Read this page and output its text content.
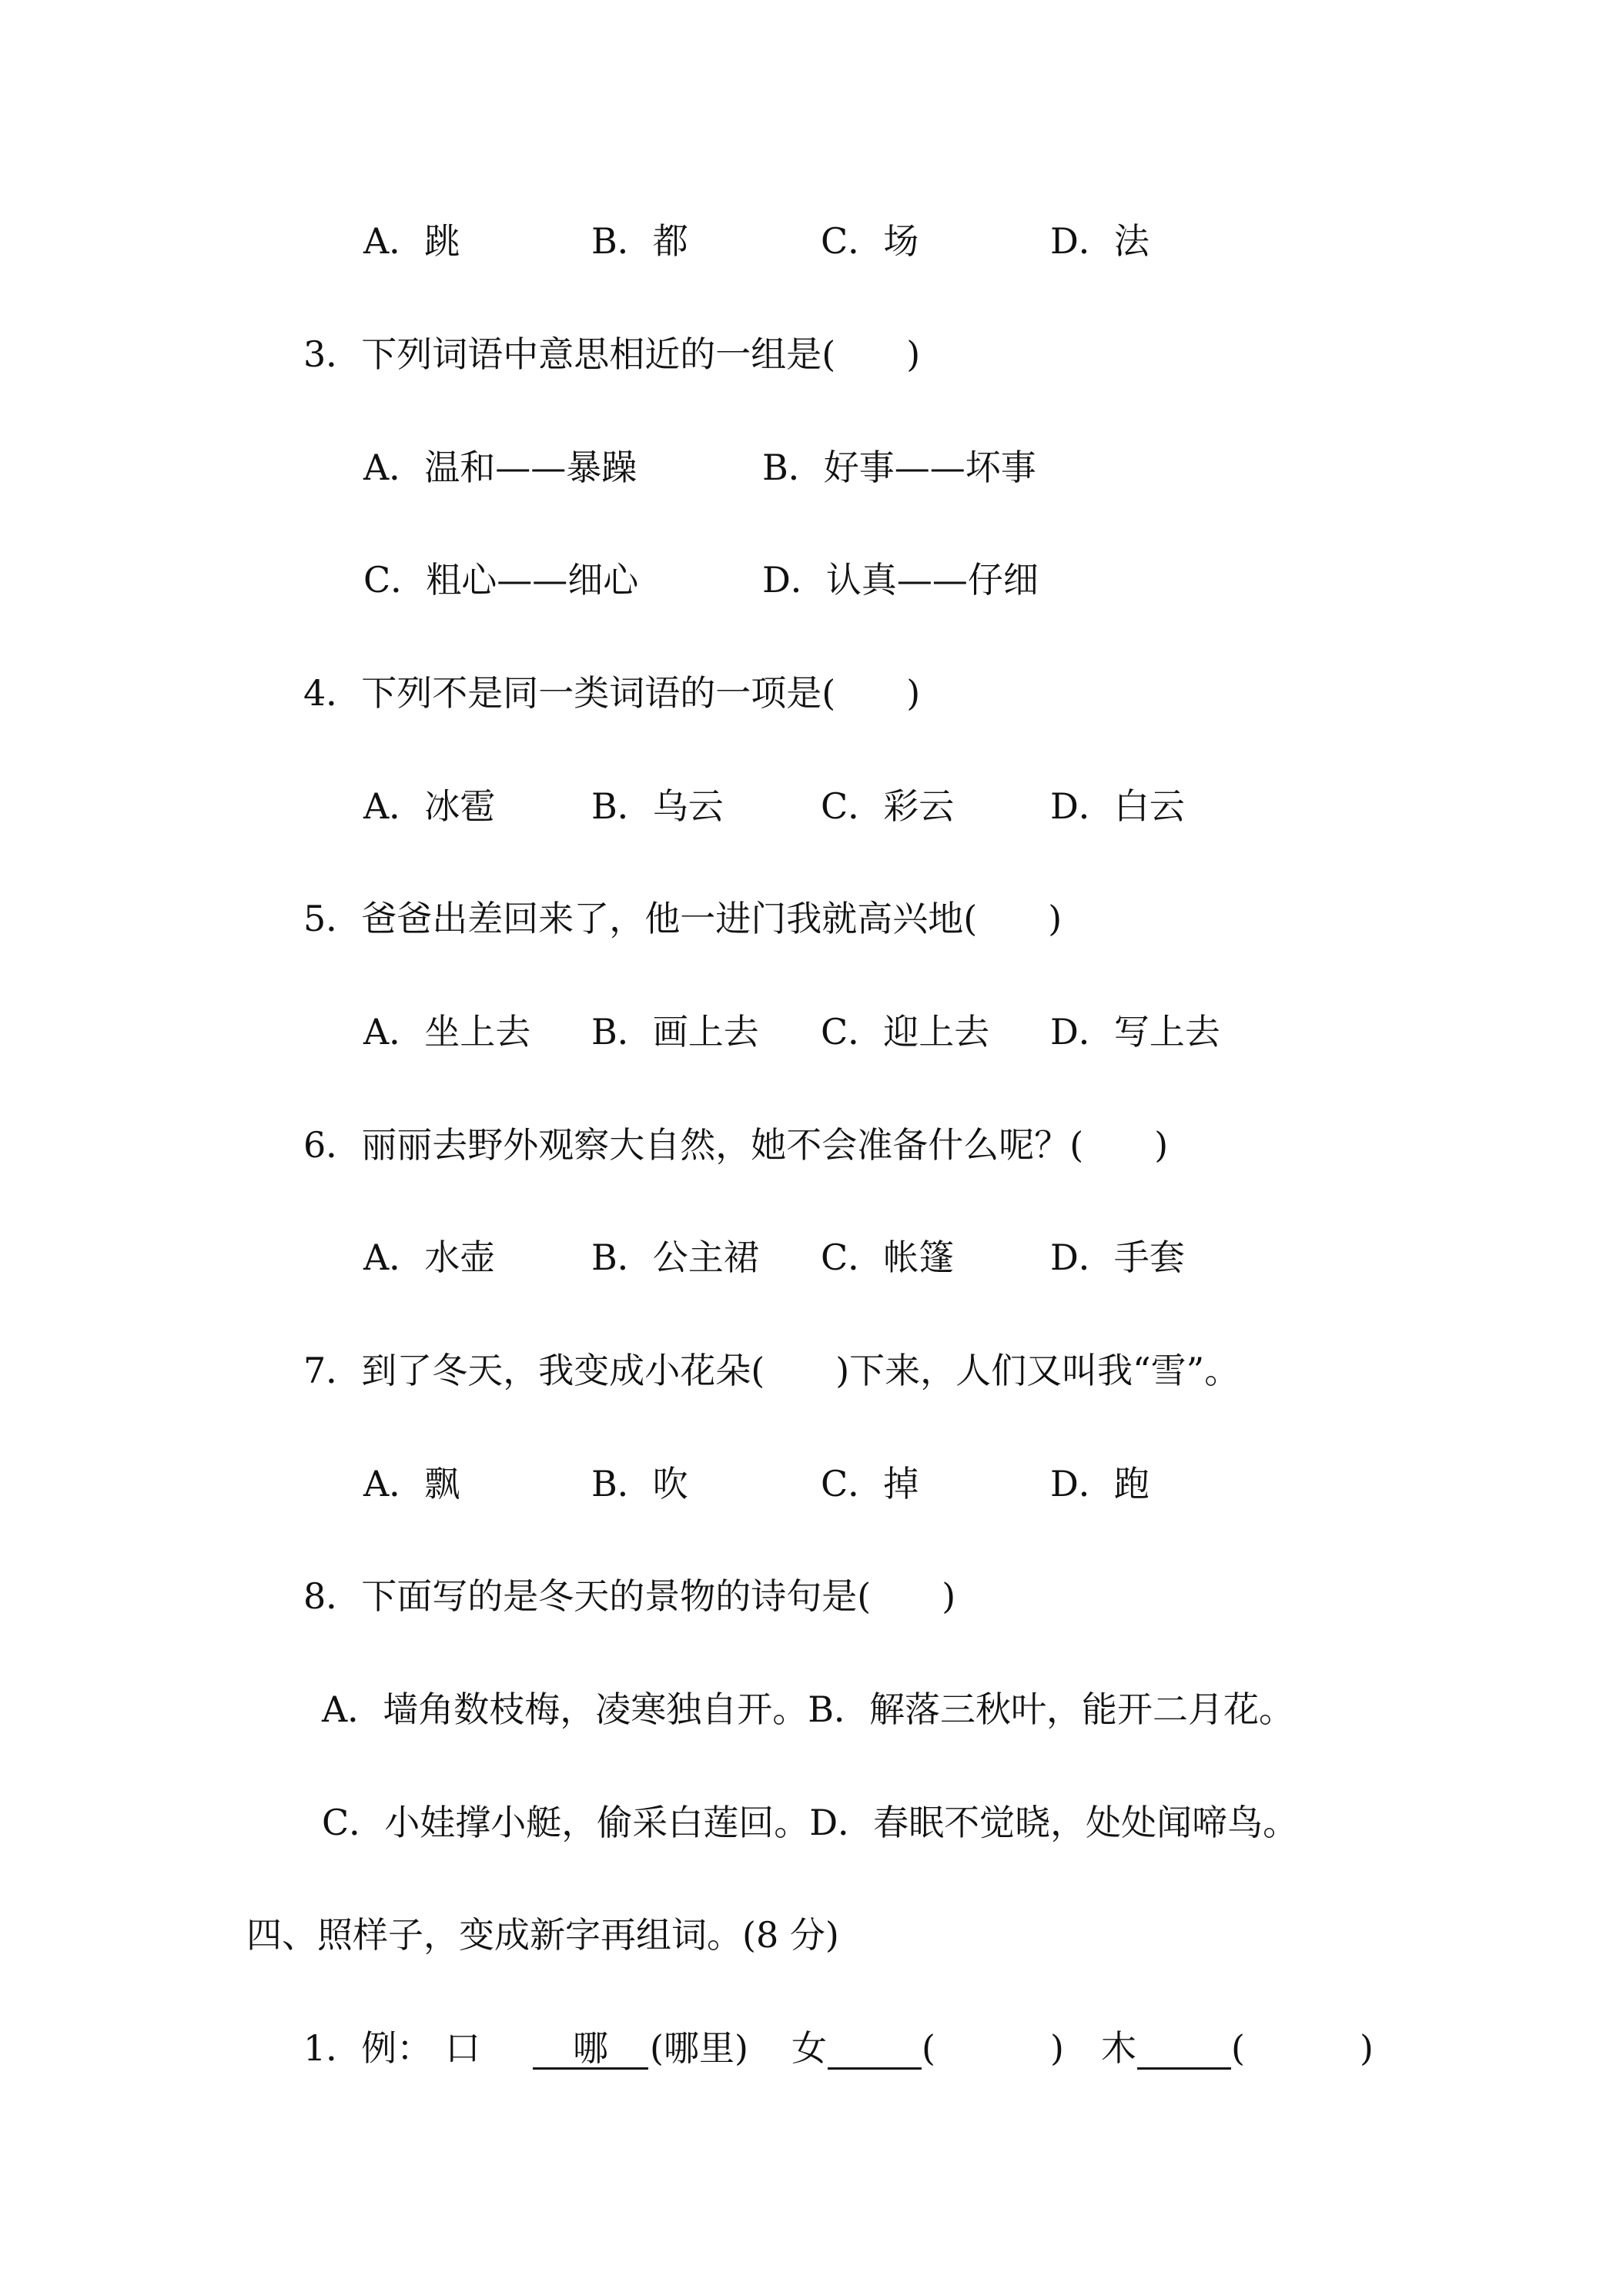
A．跳	B．都	C．场	D．法
3．下列词语中意思相近的一组是(　　)
A．温和——暴躁	B．好事——坏事
C．粗心——细心	D．认真——仔细
4．下列不是同一类词语的一项是(　　)
A．冰雹	B．乌云	C．彩云	D．白云
5．爸爸出差回来了，他一进门我就高兴地(　　)
A．坐上去 B．画上去 C．迎上去 D．写上去
6．丽丽去野外观察大自然，她不会准备什么呢？(　　)
A．水壶	B．公主裙 C．帐篷	D．手套
7．到了冬天，我变成小花朵(　　)下来，人们又叫我“雪”。
A．飘	B．吹	C．掉	D．跑
8．下面写的是冬天的景物的诗句是(　　)
A．墙角数枝梅，凌寒独自开。B．解落三秋叶，能开二月花。
C．小娃撑小艇，偷采白莲回。D．春眠不觉晓，处处闻啼鸟。
四、照样子，变成新字再组词。(8 分)
1．例： 口	哪	(哪里) 女	(	) 木	(	)
